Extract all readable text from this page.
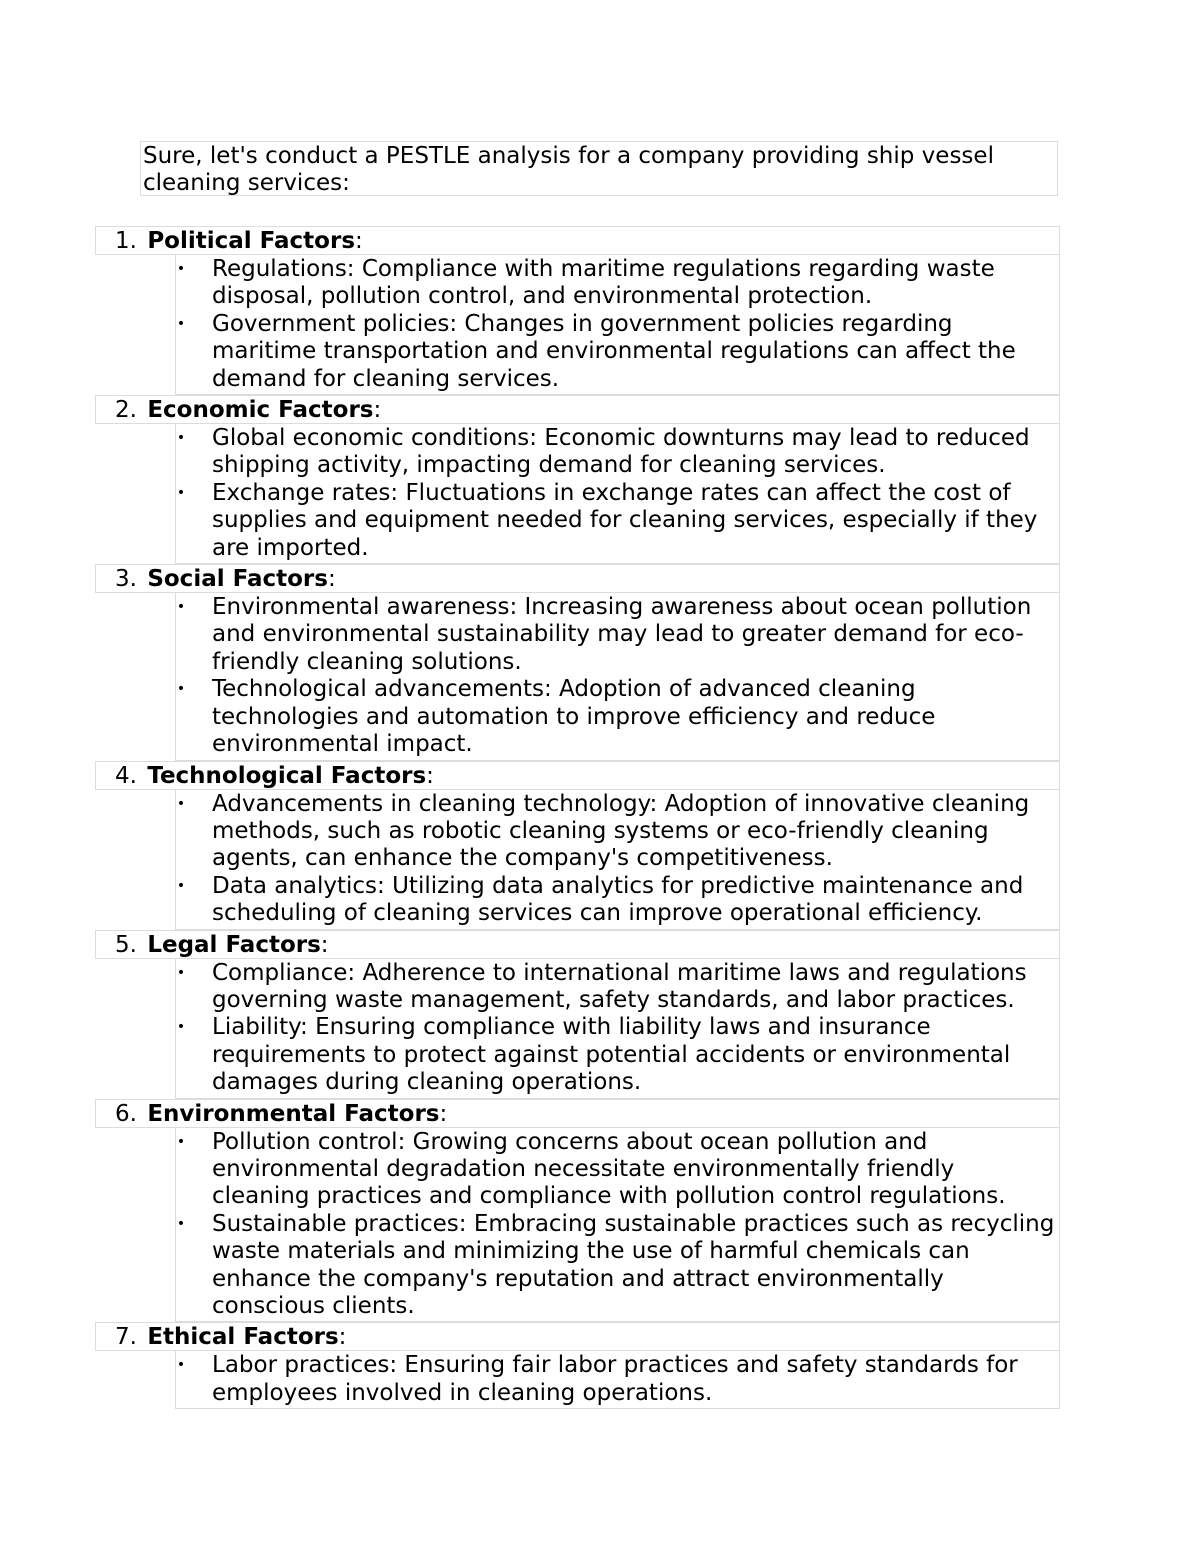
Sure, let's conduct a PESTLE analysis for a company providing ship vessel cleaning services:
1. Political Factors:
• Regulations: Compliance with maritime regulations regarding waste disposal, pollution control, and environmental protection.
• Government policies: Changes in government policies regarding maritime transportation and environmental regulations can affect the demand for cleaning services.
2. Economic Factors:
• Global economic conditions: Economic downturns may lead to reduced shipping activity, impacting demand for cleaning services.
• Exchange rates: Fluctuations in exchange rates can affect the cost of supplies and equipment needed for cleaning services, especially if they are imported.
3. Social Factors:
• Environmental awareness: Increasing awareness about ocean pollution and environmental sustainability may lead to greater demand for eco-friendly cleaning solutions.
• Technological advancements: Adoption of advanced cleaning technologies and automation to improve efficiency and reduce environmental impact.
4. Technological Factors:
• Advancements in cleaning technology: Adoption of innovative cleaning methods, such as robotic cleaning systems or eco-friendly cleaning agents, can enhance the company's competitiveness.
• Data analytics: Utilizing data analytics for predictive maintenance and scheduling of cleaning services can improve operational efficiency.
5. Legal Factors:
• Compliance: Adherence to international maritime laws and regulations governing waste management, safety standards, and labor practices.
• Liability: Ensuring compliance with liability laws and insurance requirements to protect against potential accidents or environmental damages during cleaning operations.
6. Environmental Factors:
• Pollution control: Growing concerns about ocean pollution and environmental degradation necessitate environmentally friendly cleaning practices and compliance with pollution control regulations.
• Sustainable practices: Embracing sustainable practices such as recycling waste materials and minimizing the use of harmful chemicals can enhance the company's reputation and attract environmentally conscious clients.
7. Ethical Factors:
• Labor practices: Ensuring fair labor practices and safety standards for employees involved in cleaning operations.
